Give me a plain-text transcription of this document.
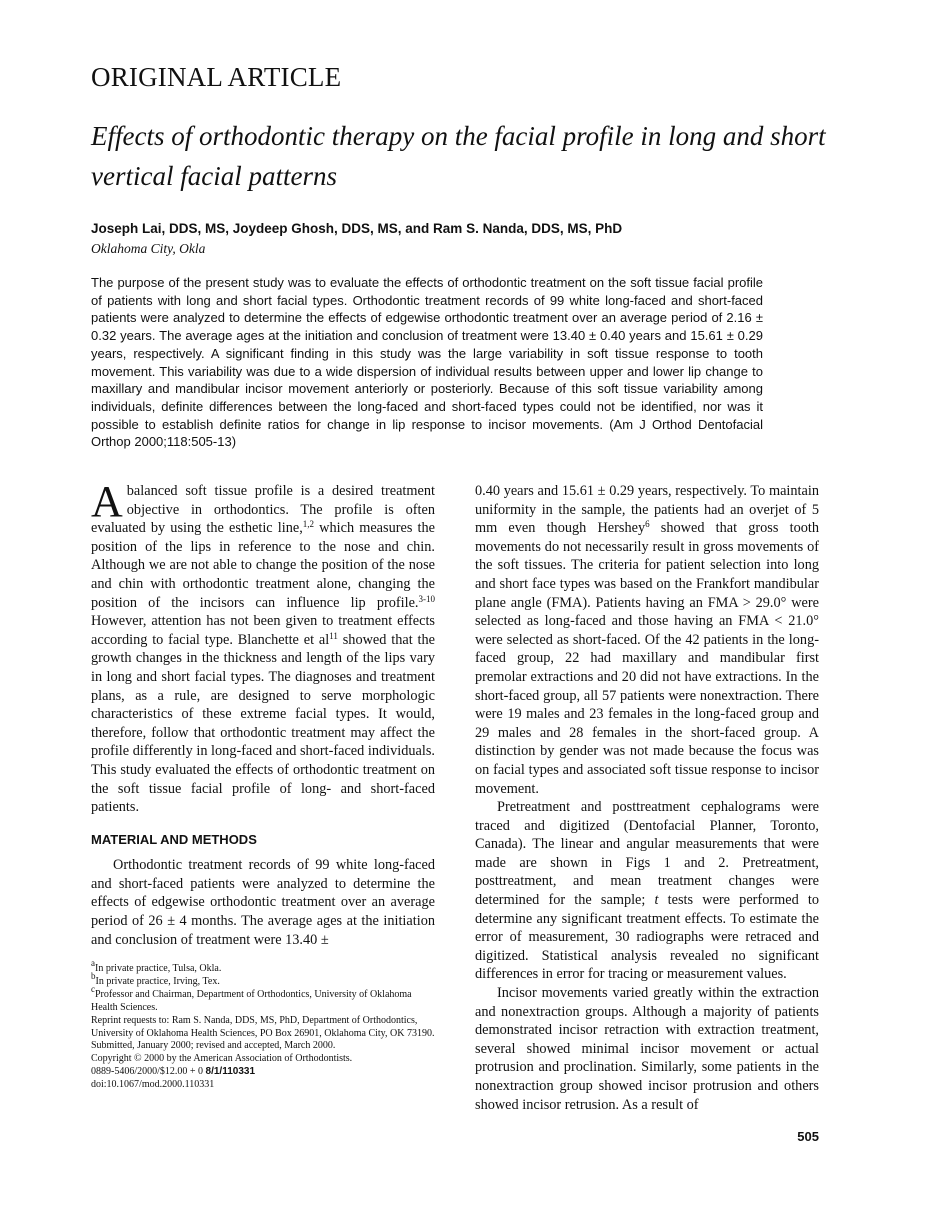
ORIGINAL ARTICLE
Effects of orthodontic therapy on the facial profile in long and short vertical facial patterns
Joseph Lai, DDS, MS, Joydeep Ghosh, DDS, MS, and Ram S. Nanda, DDS, MS, PhD
Oklahoma City, Okla
The purpose of the present study was to evaluate the effects of orthodontic treatment on the soft tissue facial profile of patients with long and short facial types. Orthodontic treatment records of 99 white long-faced and short-faced patients were analyzed to determine the effects of edgewise orthodontic treatment over an average period of 2.16 ± 0.32 years. The average ages at the initiation and conclusion of treatment were 13.40 ± 0.40 years and 15.61 ± 0.29 years, respectively. A significant finding in this study was the large variability in soft tissue response to tooth movement. This variability was due to a wide dispersion of individual results between upper and lower lip change to maxillary and mandibular incisor movement anteriorly or posteriorly. Because of this soft tissue variability among individuals, definite differences between the long-faced and short-faced types could not be identified, nor was it possible to establish definite ratios for change in lip response to incisor movements. (Am J Orthod Dentofacial Orthop 2000;118:505-13)

Abalanced soft tissue profile is a desired treatment objective in orthodontics. The profile is often evaluated by using the esthetic line,$^{1,2}$ which measures the position of the lips in reference to the nose and chin. Although we are not able to change the position of the nose and chin with orthodontic treatment alone, changing the position of the incisors can influence lip profile.$^{3-10}$ However, attention has not been given to treatment effects according to facial type. Blanchette et $al^{11}$ showed that the growth changes in the thickness and length of the lips vary in long and short facial types. The diagnoses and treatment plans, as a rule, are designed to serve morphologic characteristics of these extreme facial types. It would, therefore, follow that orthodontic treatment may affect the profile differently in long-faced and short-faced individuals. This study evaluated the effects of orthodontic treatment on the soft tissue facial profile of long- and short-faced patients.

MATERIAL AND METHODS

Orthodontic treatment records of 99 white long-faced and short-faced patients were analyzed to determine the effects of edgewise orthodontic treatment over an average period of 26 ± 4 months. The average ages at the initiation and conclusion of treatment were 13.40 ±

0.40 years and 15.61 ± 0.29 years, respectively. To maintain uniformity in the sample, the patients had an overjet of 5 mm even though Hershey$^6$ showed that gross tooth movements do not necessarily result in gross movements of the soft tissues. The criteria for patient selection into long and short face types was based on the Frankfort mandibular plane angle (FMA). Patients having an FMA > 29.0° were selected as long-faced and those having an FMA < 21.0° were selected as short-faced. Of the 42 patients in the long-faced group, 22 had maxillary and mandibular first premolar extractions and 20 did not have extractions. In the short-faced group, all 57 patients were nonextraction. There were 19 males and 23 females in the long-faced group and 29 males and 28 females in the short-faced group. A distinction by gender was not made because the focus was on facial types and associated soft tissue response to incisor movement.

Pretreatment and posttreatment cephalograms were traced and digitized (Dentofacial Planner, Toronto, Canada). The linear and angular measurements that were made are shown in Figs 1 and 2. Pretreatment, posttreatment, and mean treatment changes were determined for the sample; t tests were performed to determine any significant treatment effects. To estimate the error of measurement, 30 radiographs were retraced and digitized. Statistical analysis revealed no significant differences in error for tracing or measurement values.

Incisor movements varied greatly within the extraction and nonextraction groups. Although a majority of patients demonstrated incisor retraction with extraction treatment, several showed minimal incisor movement or actual protrusion and proclination. Similarly, some patients in the nonextraction group showed incisor protrusion and others showed incisor retrusion. As a result of

$^a$In private practice, Tulsa, Okla.
$^b$In private practice, Irving, Tex.
$^c$Professor and Chairman, Department of Orthodontics, University of Oklahoma Health Sciences.
Reprint requests to: Ram S. Nanda, DDS, MS, PhD, Department of Orthodontics, University of Oklahoma Health Sciences, PO Box 26901, Oklahoma City, OK 73190.
Submitted, January 2000; revised and accepted, March 2000.
Copyright © 2000 by the American Association of Orthodontists.
0889-5406/2000/$12.00 + 0 8/1/110331
doi:10.1067/mod.2000.110331
505
